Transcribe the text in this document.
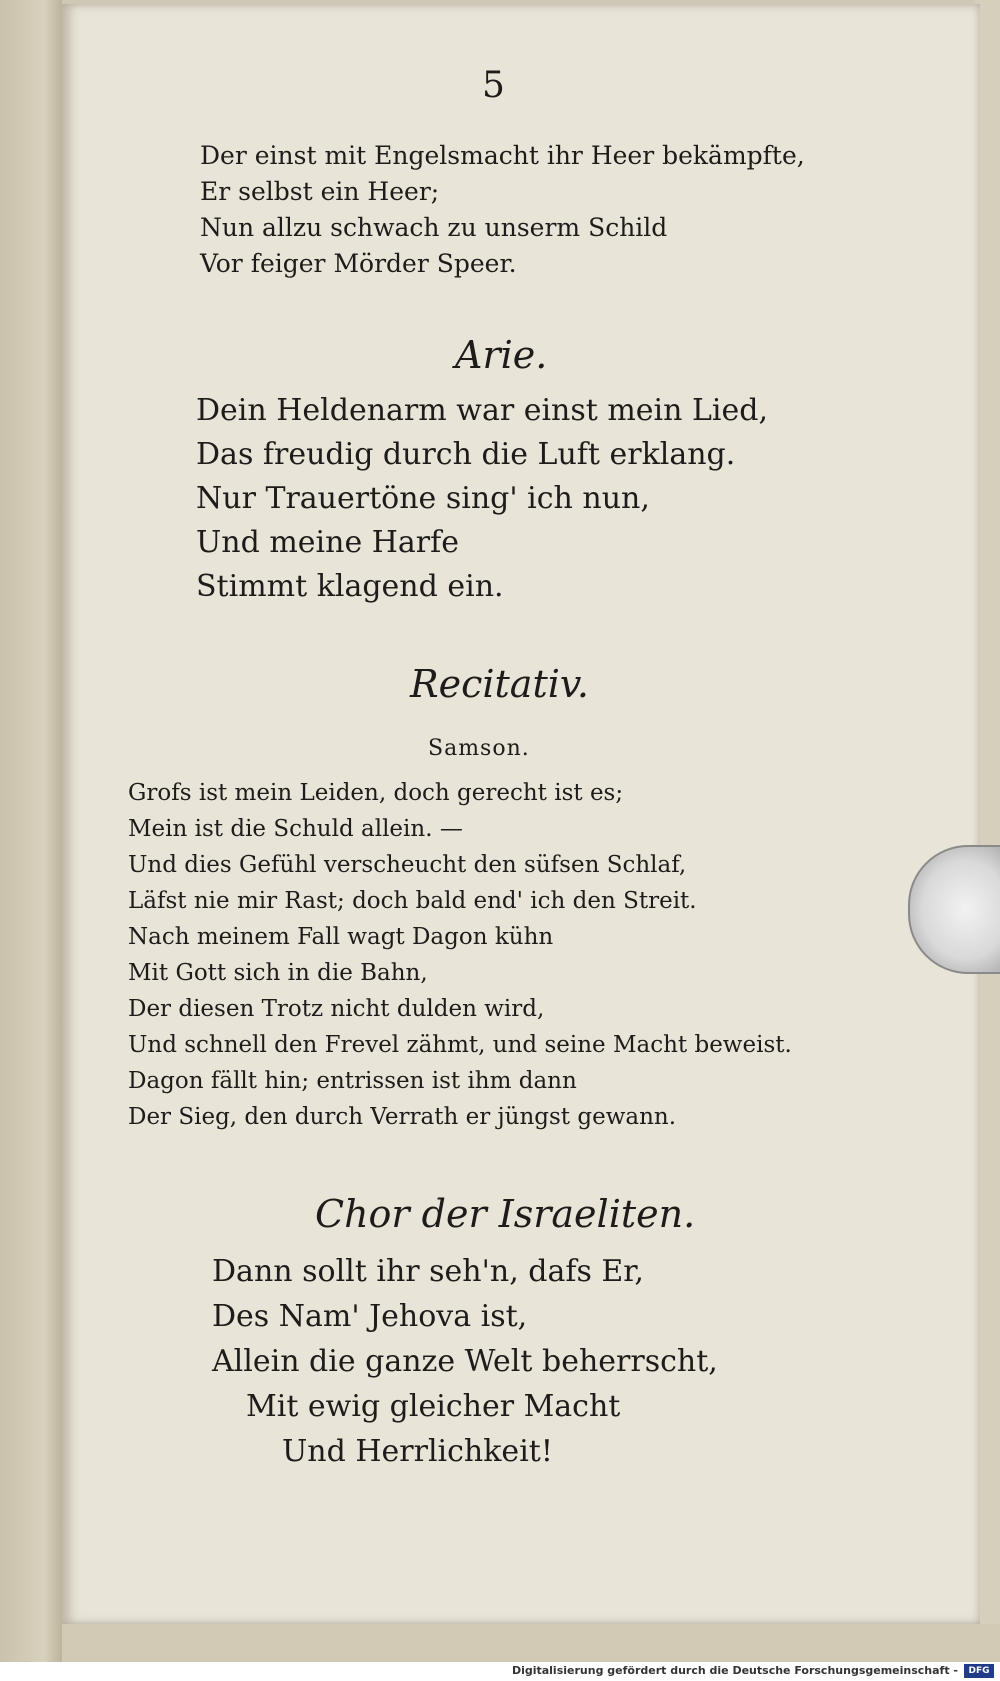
5
Der einst mit Engelsmacht ihr Heer bekämpfte,
Er selbst ein Heer;
Nun allzu schwach zu unserm Schild
Vor feiger Mörder Speer.
Arie.
Dein Heldenarm war einst mein Lied,
Das freudig durch die Luft erklang.
Nur Trauertöne sing' ich nun,
Und meine Harfe
Stimmt klagend ein.
Recitativ.
Samson.
Grofs ist mein Leiden, doch gerecht ist es;
Mein ist die Schuld allein. —
Und dies Gefühl verscheucht den süfsen Schlaf,
Läfst nie mir Rast; doch bald end' ich den Streit.
Nach meinem Fall wagt Dagon kühn
Mit Gott sich in die Bahn,
Der diesen Trotz nicht dulden wird,
Und schnell den Frevel zähmt, und seine Macht beweist.
Dagon fällt hin; entrissen ist ihm dann
Der Sieg, den durch Verrath er jüngst gewann.
Chor der Israeliten.
Dann sollt ihr seh'n, dafs Er,
Des Nam' Jehova ist,
Allein die ganze Welt beherrscht,
Mit ewig gleicher Macht
Und Herrlichkeit!
Digitalisierung gefördert durch die Deutsche Forschungsgemeinschaft -	DFG
